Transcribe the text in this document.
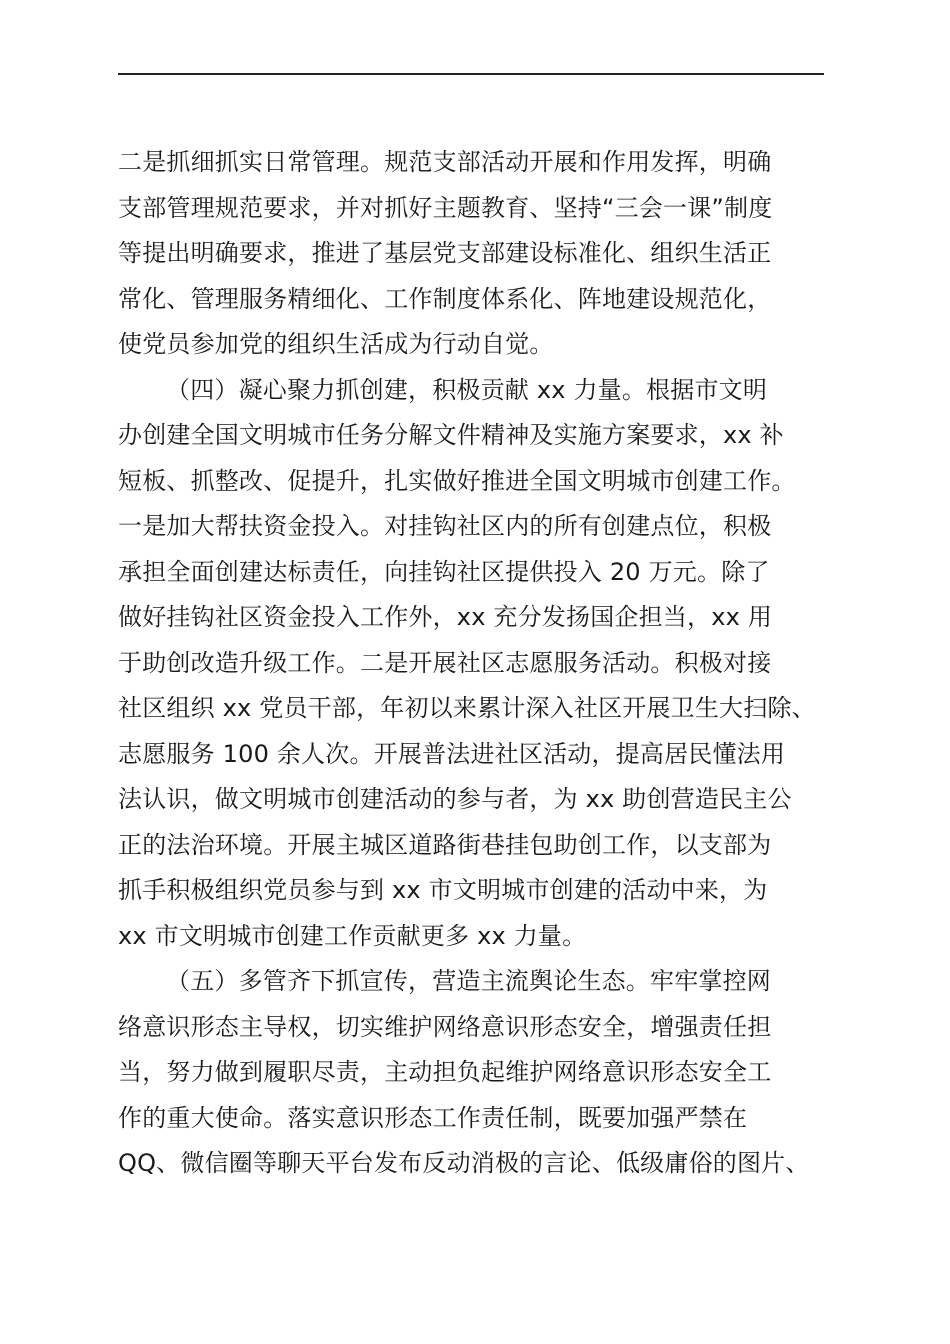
二是抓细抓实日常管理。规范支部活动开展和作用发挥，明确
支部管理规范要求，并对抓好主题教育、坚持“三会一课”制度
等提出明确要求，推进了基层党支部建设标准化、组织生活正
常化、管理服务精细化、工作制度体系化、阵地建设规范化，
使党员参加党的组织生活成为行动自觉。
（四）凝心聚力抓创建，积极贡献 xx 力量。根据市文明
办创建全国文明城市任务分解文件精神及实施方案要求，xx 补
短板、抓整改、促提升，扎实做好推进全国文明城市创建工作。
一是加大帮扶资金投入。对挂钩社区内的所有创建点位，积极
承担全面创建达标责任，向挂钩社区提供投入 20 万元。除了
做好挂钩社区资金投入工作外，xx 充分发扬国企担当，xx 用
于助创改造升级工作。二是开展社区志愿服务活动。积极对接
社区组织 xx 党员干部，年初以来累计深入社区开展卫生大扫除、
志愿服务 100 余人次。开展普法进社区活动，提高居民懂法用
法认识，做文明城市创建活动的参与者，为 xx 助创营造民主公
正的法治环境。开展主城区道路街巷挂包助创工作，以支部为
抓手积极组织党员参与到 xx 市文明城市创建的活动中来，为
xx 市文明城市创建工作贡献更多 xx 力量。
（五）多管齐下抓宣传，营造主流舆论生态。牢牢掌控网
络意识形态主导权，切实维护网络意识形态安全，增强责任担
当，努力做到履职尽责，主动担负起维护网络意识形态安全工
作的重大使命。落实意识形态工作责任制，既要加强严禁在
QQ、微信圈等聊天平台发布反动消极的言论、低级庸俗的图片、
